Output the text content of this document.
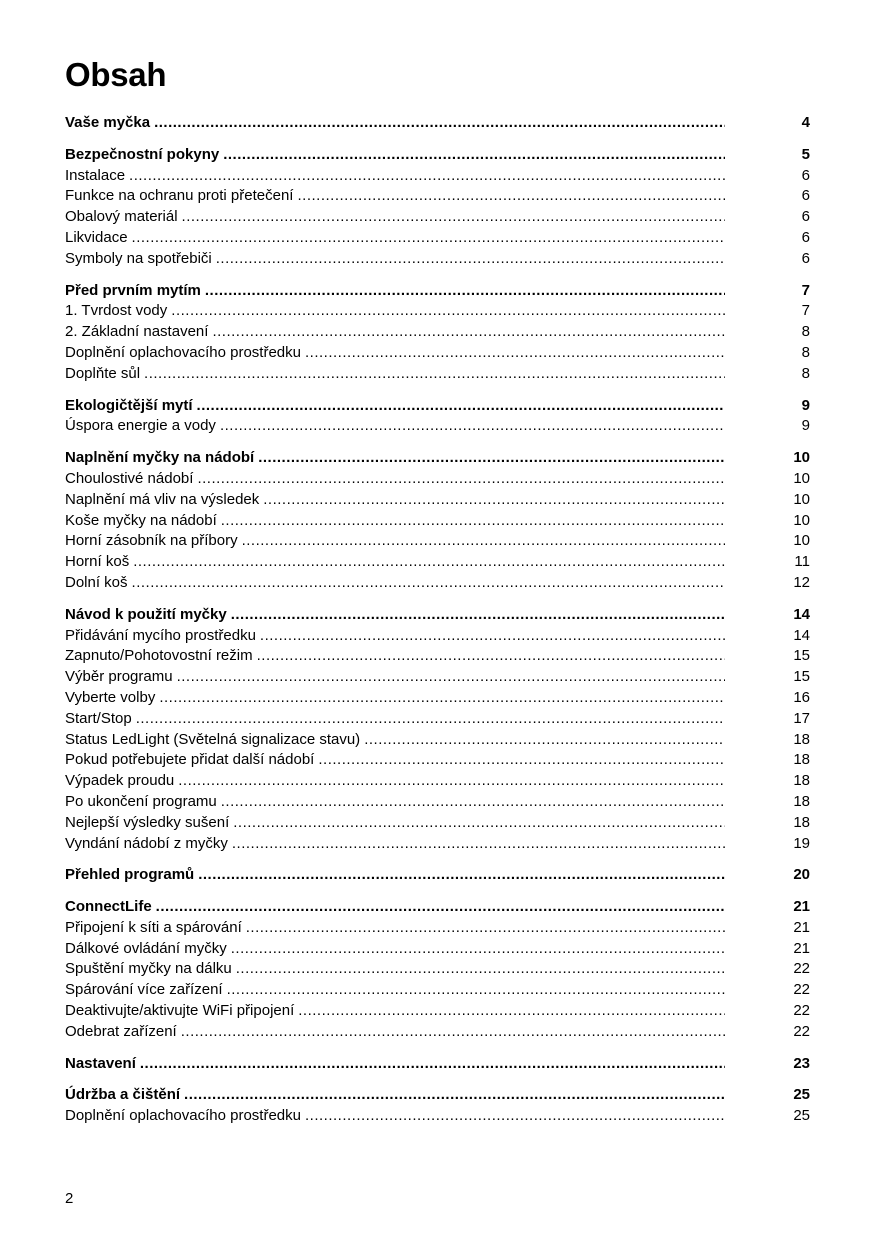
Obsah
Vaše myčka .....	4
Bezpečnostní pokyny .....	5
Instalace .....	6
Funkce na ochranu proti přetečení .....	6
Obalový materiál .....	6
Likvidace .....	6
Symboly na spotřebiči .....	6
Před prvním mytím .....	7
1. Tvrdost vody .....	7
2. Základní nastavení .....	8
Doplnění oplachovacího prostředku .....	8
Doplňte sůl .....	8
Ekologičtější mytí .....	9
Úspora energie a vody .....	9
Naplnění myčky na nádobí .....	10
Choulostivé nádobí .....	10
Naplnění má vliv na výsledek .....	10
Koše myčky na nádobí .....	10
Horní zásobník na příbory .....	10
Horní koš .....	11
Dolní koš .....	12
Návod k použití myčky .....	14
Přidávání mycího prostředku .....	14
Zapnuto/Pohotovostní režim .....	15
Výběr programu .....	15
Vyberte volby .....	16
Start/Stop .....	17
Status LedLight (Světelná signalizace stavu) .....	18
Pokud potřebujete přidat další nádobí .....	18
Výpadek proudu .....	18
Po ukončení programu .....	18
Nejlepší výsledky sušení .....	18
Vyndání nádobí z myčky .....	19
Přehled programů .....	20
ConnectLife .....	21
Připojení k síti a spárování .....	21
Dálkové ovládání myčky .....	21
Spuštění myčky na dálku .....	22
Spárování více zařízení .....	22
Deaktivujte/aktivujte WiFi připojení .....	22
Odebrat zařízení .....	22
Nastavení .....	23
Údržba a čištění .....	25
Doplnění oplachovacího prostředku .....	25
2
